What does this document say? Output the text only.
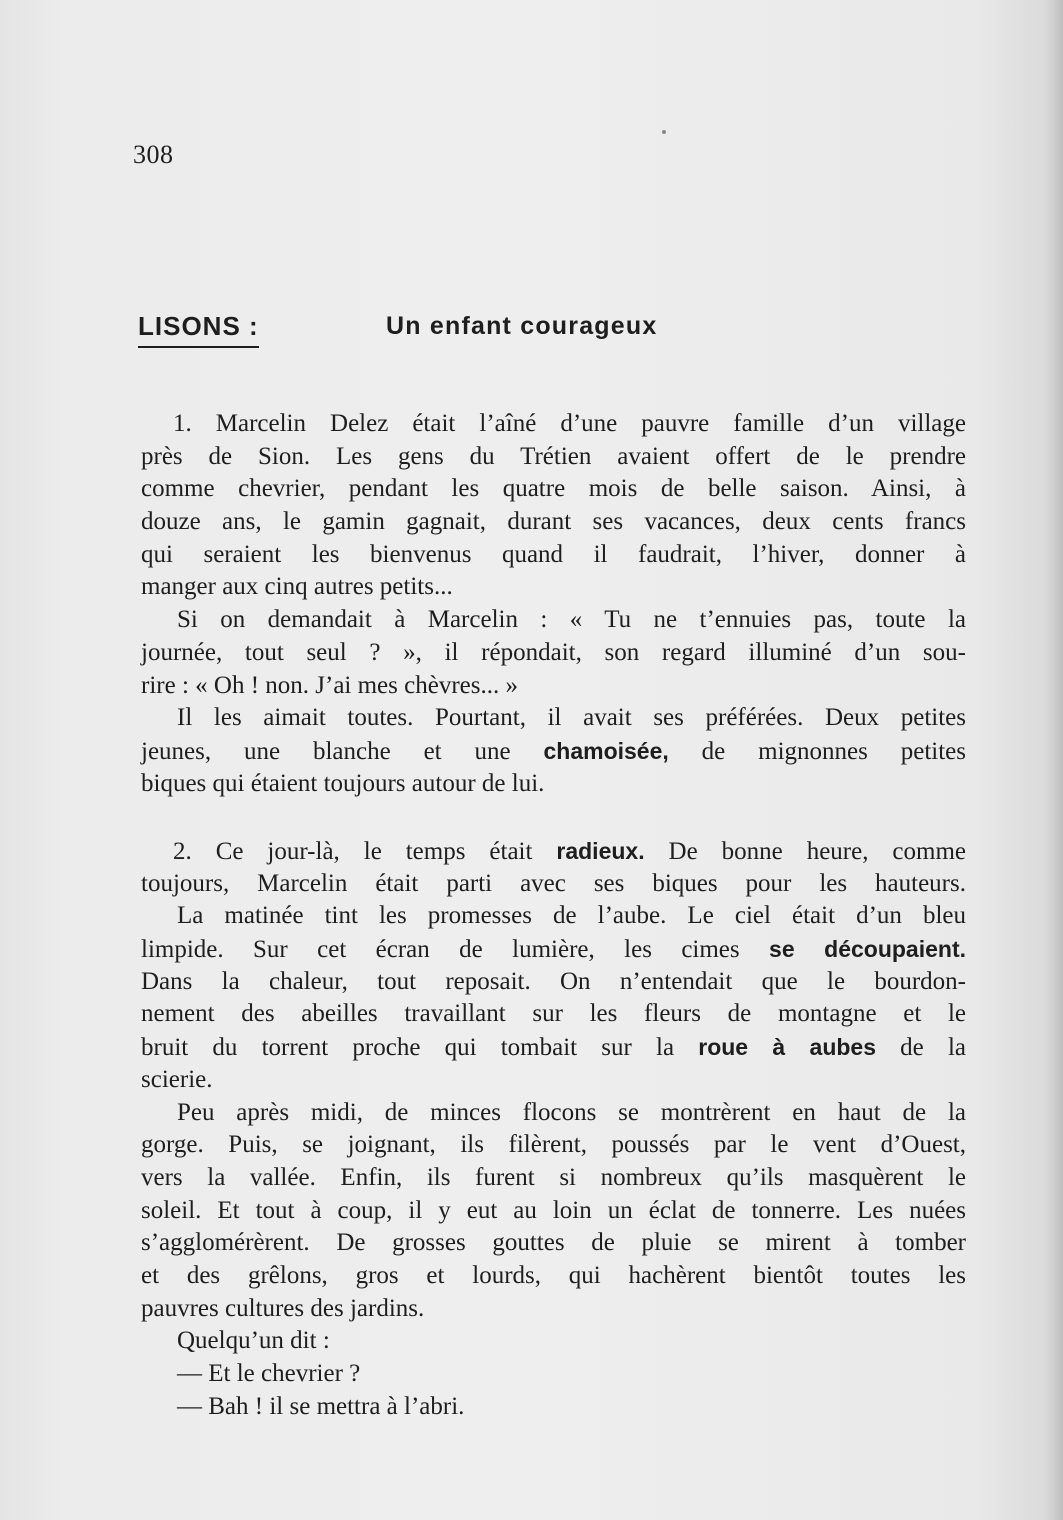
308
LISONS :	Un enfant courageux
1. Marcelin Delez était l’aîné d’une pauvre famille d’un village
près de Sion. Les gens du Trétien avaient offert de le prendre
comme chevrier, pendant les quatre mois de belle saison. Ainsi, à
douze ans, le gamin gagnait, durant ses vacances, deux cents francs
qui seraient les bienvenus quand il faudrait, l’hiver, donner à
manger aux cinq autres petits...
Si on demandait à Marcelin : « Tu ne t’ennuies pas, toute la
journée, tout seul ? », il répondait, son regard illuminé d’un sou-
rire : « Oh ! non. J’ai mes chèvres... »
Il les aimait toutes. Pourtant, il avait ses préférées. Deux petites
jeunes, une blanche et une chamoisée, de mignonnes petites
biques qui étaient toujours autour de lui.
2. Ce jour-là, le temps était radieux. De bonne heure, comme
toujours, Marcelin était parti avec ses biques pour les hauteurs.
La matinée tint les promesses de l’aube. Le ciel était d’un bleu
limpide. Sur cet écran de lumière, les cimes se découpaient.
Dans la chaleur, tout reposait. On n’entendait que le bourdon-
nement des abeilles travaillant sur les fleurs de montagne et le
bruit du torrent proche qui tombait sur la roue à aubes de la
scierie.
Peu après midi, de minces flocons se montrèrent en haut de la
gorge. Puis, se joignant, ils filèrent, poussés par le vent d’Ouest,
vers la vallée. Enfin, ils furent si nombreux qu’ils masquèrent le
soleil. Et tout à coup, il y eut au loin un éclat de tonnerre. Les nuées
s’agglomérèrent. De grosses gouttes de pluie se mirent à tomber
et des grêlons, gros et lourds, qui hachèrent bientôt toutes les
pauvres cultures des jardins.
Quelqu’un dit :
— Et le chevrier ?
— Bah ! il se mettra à l’abri.
